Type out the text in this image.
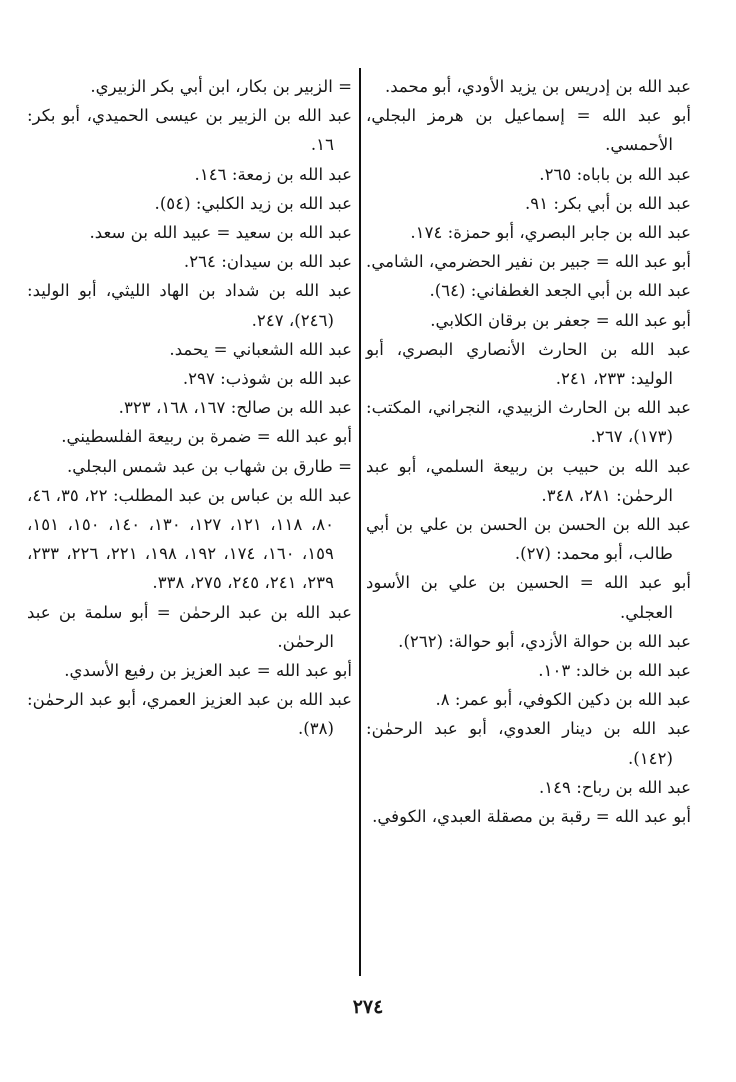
عبد الله بن إدريس بن يزيد الأودي، أبو محمد.

أبو عبد الله = إسماعيل بن هرمز البجلي، الأحمسي.

عبد الله بن باباه: ٢٦٥.

عبد الله بن أبي بكر: ٩١.

عبد الله بن جابر البصري، أبو حمزة: ١٧٤.

أبو عبد الله = جبير بن نفير الحضرمي، الشامي.

عبد الله بن أبي الجعد الغطفاني: (٦٤).

أبو عبد الله = جعفر بن برقان الكلابي.

عبد الله بن الحارث الأنصاري البصري، أبو الوليد: ٢٣٣، ٢٤١.

عبد الله بن الحارث الزبيدي، النجراني، المكتب: (١٧٣)، ٢٦٧.

عبد الله بن حبيب بن ربيعة السلمي، أبو عبد الرحمٰن: ٢٨١، ٣٤٨.

عبد الله بن الحسن بن الحسن بن علي بن أبي طالب، أبو محمد: (٢٧).

أبو عبد الله = الحسين بن علي بن الأسود العجلي.

عبد الله بن حوالة الأزدي، أبو حوالة: (٢٦٢).

عبد الله بن خالد: ١٠٣.

عبد الله بن دكين الكوفي، أبو عمر: ٨.

عبد الله بن دينار العدوي، أبو عبد الرحمٰن: (١٤٢).

عبد الله بن رباح: ١٤٩.

أبو عبد الله = رقبة بن مصقلة العبدي، الكوفي.

= الزبير بن بكار، ابن أبي بكر الزبيري.

عبد الله بن الزبير بن عيسى الحميدي، أبو بكر: ١٦.

عبد الله بن زمعة: ١٤٦.

عبد الله بن زيد الكلبي: (٥٤).

عبد الله بن سعيد = عبيد الله بن سعد.

عبد الله بن سيدان: ٢٦٤.

عبد الله بن شداد بن الهاد الليثي، أبو الوليد: (٢٤٦)، ٢٤٧.

عبد الله الشعباني = يحمد.

عبد الله بن شوذب: ٢٩٧.

عبد الله بن صالح: ١٦٧، ١٦٨، ٣٢٣.

أبو عبد الله = ضمرة بن ربيعة الفلسطيني.

= طارق بن شهاب بن عبد شمس البجلي.

عبد الله بن عباس بن عبد المطلب: ٢٢، ٣٥، ٤٦، ٨٠، ١١٨، ١٢١، ١٢٧، ١٣٠، ١٤٠، ١٥٠، ١٥١، ١٥٩، ١٦٠، ١٧٤، ١٩٢، ١٩٨، ٢٢١، ٢٢٦، ٢٣٣، ٢٣٩، ٢٤١، ٢٤٥، ٢٧٥، ٣٣٨.

عبد الله بن عبد الرحمٰن = أبو سلمة بن عبد الرحمٰن.

أبو عبد الله = عبد العزيز بن رفيع الأسدي.

عبد الله بن عبد العزيز العمري، أبو عبد الرحمٰن: (٣٨).

٢٧٤
